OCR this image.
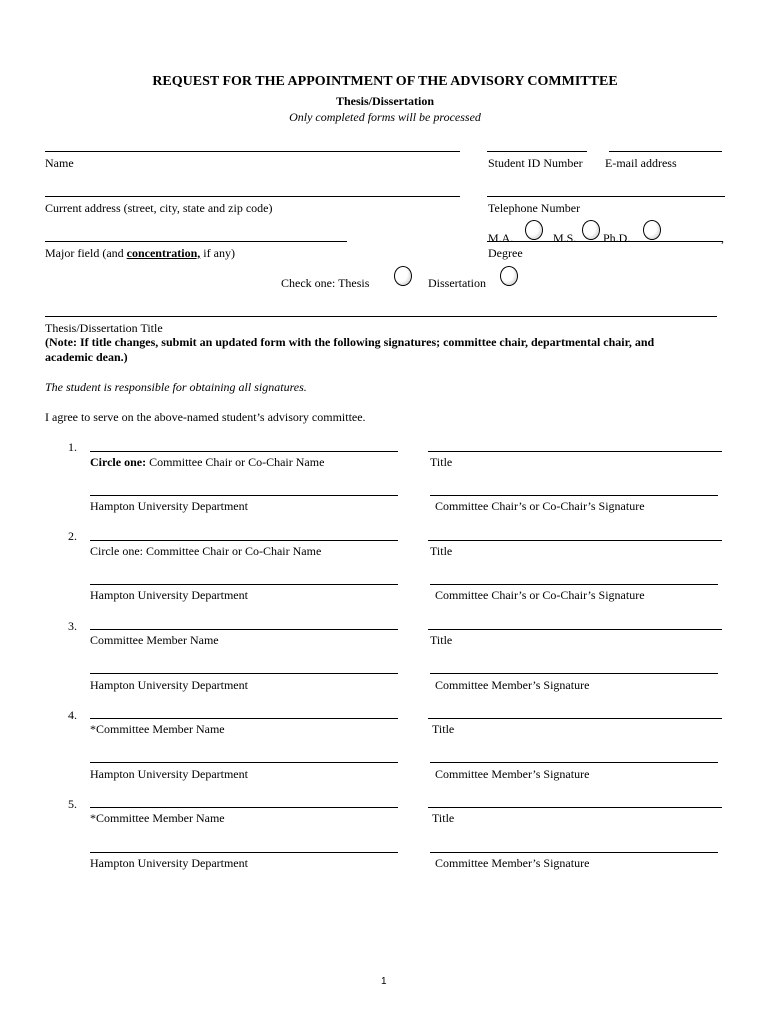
REQUEST FOR THE APPOINTMENT OF THE ADVISORY COMMITTEE
Thesis/Dissertation
Only completed forms will be processed
Name	Student ID Number E-mail address
Current address (street, city, state and zip code)	Telephone Number
M.A.	M.S. Ph.D.	,
Major field (and concentration, if any)	Degree
Check one: Thesis	Dissertation
Thesis/Dissertation Title
(Note: If title changes, submit an updated form with the following signatures; committee chair, departmental chair, and
academic dean.)
The student is responsible for obtaining all signatures.
I agree to serve on the above-named student’s advisory committee.
1.
Circle one: Committee Chair or Co-Chair Name	Title
Hampton University Department	Committee Chair’s or Co-Chair’s Signature
2.
Circle one: Committee Chair or Co-Chair Name	Title
Hampton University Department	Committee Chair’s or Co-Chair’s Signature
3.
Committee Member Name	Title
Hampton University Department	Committee Member’s Signature
4.
*Committee Member Name	Title
Hampton University Department	Committee Member’s Signature
5.
*Committee Member Name	Title
Hampton University Department	Committee Member’s Signature
1
